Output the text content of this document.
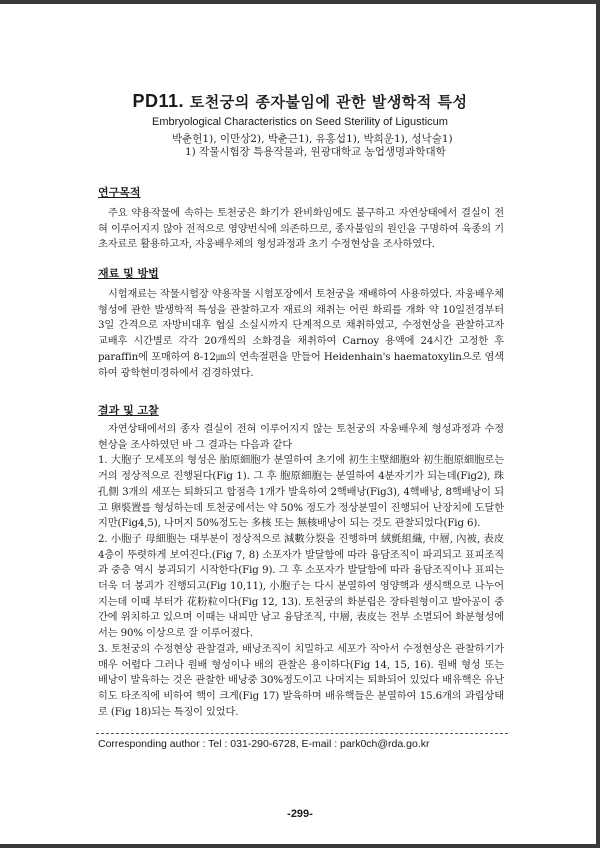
PD11. 토천궁의 종자불임에 관한 발생학적 특성
Embryological Characteristics on Seed Sterility of Ligusticum
박춘헌1), 이만상2), 박춘근1), 유홍섭1), 박희운1), 성낙술1)
1) 작물시험장 특용작물과, 원광대학교 농업생명과학대학
연구목적

주요 약용작물에 속하는 토천궁은 화기가 완비화임에도 불구하고 자연상태에서 결실이 전혀 이루어지지 않아 전적으로 영양번식에 의존하므로, 종자불임의 원인을 구명하여 육종의 기초자료로 활용하고자, 자웅배우체의 형성과정과 초기 수정현상을 조사하였다.

재료 및 방법

시험재료는 작물시험장 약용작물 시험포장에서 토천궁을 재배하여 사용하였다. 자웅배우체 형성에 관한 발생학적 특성을 관찰하고자 재료의 채취는 어린 화뢰를 개화 약 10일전경부터 3일 간격으로 자방비대후 협실 소실시까지 단계적으로 채취하였고, 수정현상을 관찰하고자 교배후 시간별로 각각 20개씩의 소화경을 채취하여 Carnoy 용액에 24시간 고정한 후 paraffin에 포매하여 8-12㎛의 연속절편을 만들어 Heidenhain's haematoxylin으로 염색하여 광학현미경하에서 검경하였다.

결과 및 고찰

자연상태에서의 종자 결실이 전혀 이루어지지 않는 토천궁의 자웅배우체 형성과정과 수정현상을 조사하였던 바 그 결과는 다음과 같다

1. 大胞子 모세포의 형성은 胎原細胞가 분열하여 초기에 初生主壁細胞와 初生胞原細胞로는 거의 정상적으로 진행된다(Fig 1). 그 후 胞原細胞는 분열하여 4분자기가 되는데(Fig2), 珠孔側 3개의 세포는 퇴화되고 합점측 1개가 발육하여 2핵배낭(Fig3), 4핵배낭, 8핵배낭이 되고 卵裝置를 형성하는데 토천궁에서는 약 50% 정도가 정상분열이 진행되어 난장치에 도달한지만(Fig4,5), 나머지 50%정도는 多核 또는 無核배낭이 되는 것도 관찰되었다(Fig 6).

2. 小胞子 母細胞는 대부분이 정상적으로 減數分裂을 진행하며 絨氈組織, 中層, 內被, 表皮 4층이 뚜렷하게 보여진다.(Fig 7, 8) 소포자가 발달함에 따라 융담조직이 파괴되고 표피조직과 중층 역시 붕괴되기 시작한다(Fig 9). 그 후 소포자가 발달함에 따라 융담조직이나 표피는 더욱 더 붕괴가 진행되고(Fig 10,11), 小胞子는 다시 분열하여 영양핵과 생식핵으로 나누어 지는데 이때 부터가 花粉粒이다(Fig 12, 13). 토천궁의 화분립은 장타원형이고 발아공이 중간에 위치하고 있으며 이때는 내피만 남고 융담조직, 中層, 表皮는 전부 소멸되어 화분형성에서는 90% 이상으로 잘 이루어졌다.

3. 토천궁의 수정현상 관찰결과, 배낭조직이 치밀하고 세포가 작아서 수정현상은 관찰하기가 매우 어렵다 그러나 원배 형성이나 배의 관찰은 용이하다(Fig 14, 15, 16). 원배 형성 또는 배낭이 발육하는 것은 관찰한 배낭중 30%정도이고 나머지는 퇴화되어 있었다 배유핵은 유난히도 타조직에 비하여 핵이 크게(Fig 17) 발육하며 배유핵들은 분열하여 15.6개의 과립상태로 (Fig 18)되는 특징이 있었다.

Corresponding author : Tel : 031-290-6728, E-mail : park0ch@rda.go.kr
-299-
